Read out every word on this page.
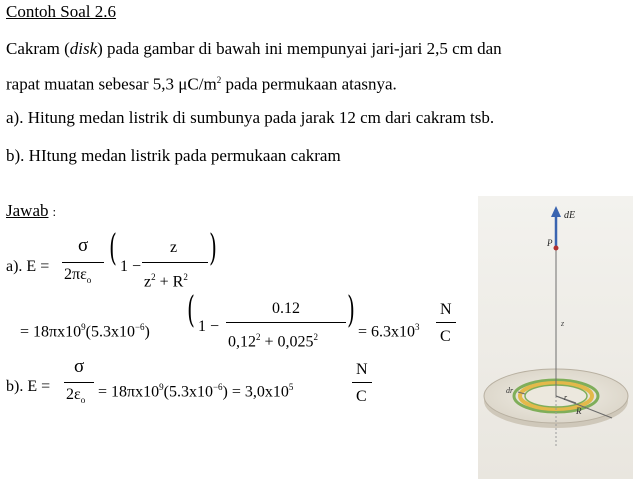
Contoh Soal 2.6
Cakram (disk) pada gambar di bawah ini mempunyai jari-jari 2,5 cm dan
rapat muatan sebesar 5,3 $\mu C/m^2$ pada permukaan atasnya.
a). Hitung medan listrik di sumbunya pada jarak 12 cm dari cakram tsb.
b). HItung medan listrik pada permukaan cakram
Jawab :
a). E =
σ
$2\pi\varepsilon_o$
( 1 −
z
$z^2 + R^2$
)
= $18\pi x10^9(5.3x10^{-6})$
( 1 −
0.12
$0,12^2 + 0,025^2$
)
= $6.3x10^3$
N
C
b). E =
σ
$2\varepsilon_o = 18\pi x10^9(5.3x10^{-6}) = 3,0x10^5$
N
C
dE
P
z
dr
r
R
